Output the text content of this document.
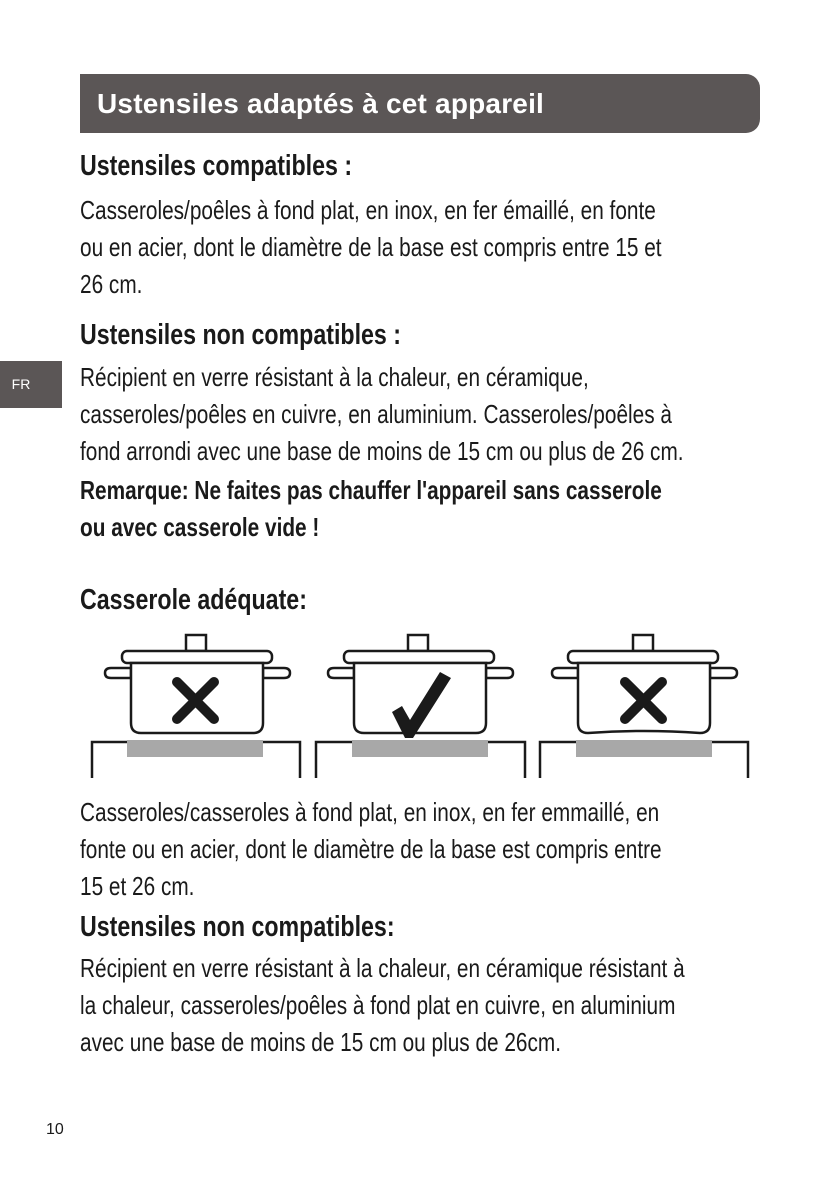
Ustensiles adaptés à cet appareil
FR

Ustensiles compatibles :

Casseroles/poêles à fond plat, en inox, en fer émaillé, en fonte

ou en acier, dont le diamètre de la base est compris entre 15 et

26 cm.

Ustensiles non compatibles :

Récipient en verre résistant à la chaleur, en céramique,

casseroles/poêles en cuivre, en aluminium. Casseroles/poêles à

fond arrondi avec une base de moins de 15 cm ou plus de 26 cm.

Remarque: Ne faites pas chauffer l'appareil sans casserole

ou avec casserole vide !

Casserole adéquate:

Casseroles/casseroles à fond plat, en inox, en fer emmaillé, en

fonte ou en acier, dont le diamètre de la base est compris entre

15 et 26 cm.

Ustensiles non compatibles:

Récipient en verre résistant à la chaleur, en céramique résistant à

la chaleur, casseroles/poêles à fond plat en cuivre, en aluminium

avec une base de moins de 15 cm ou plus de 26cm.

10
